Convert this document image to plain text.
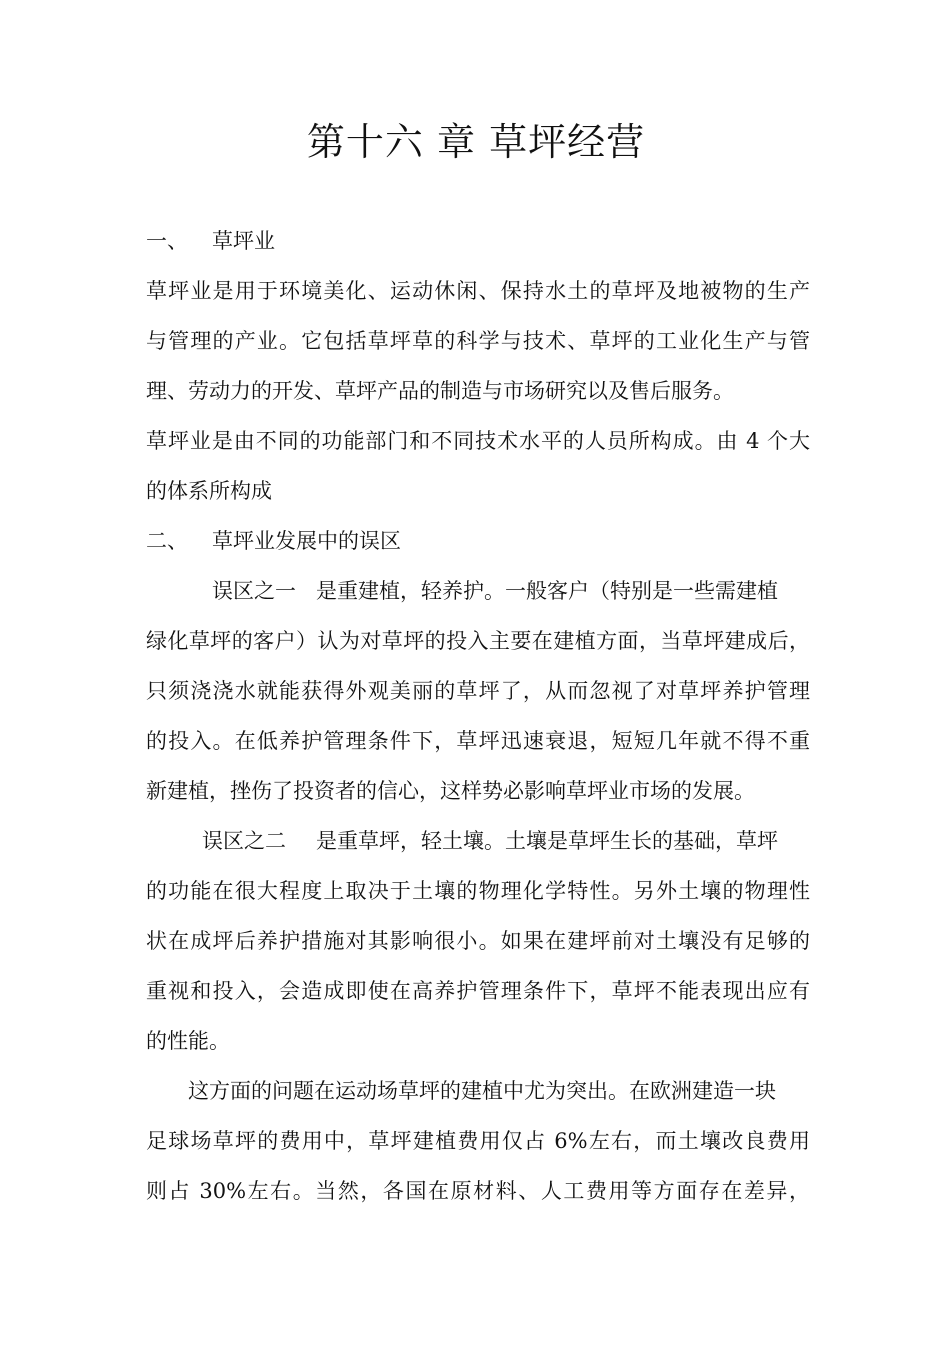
第十六 章 草坪经营
一、 草坪业
草坪业是用于环境美化、运动休闲、保持水土的草坪及地被物的生产
与管理的产业。它包括草坪草的科学与技术、草坪的工业化生产与管
理、劳动力的开发、草坪产品的制造与市场研究以及售后服务。
草坪业是由不同的功能部门和不同技术水平的人员所构成。由 4 个大
的体系所构成
二、 草坪业发展中的误区
误区之一 是重建植，轻养护。一般客户（特别是一些需建植
绿化草坪的客户）认为对草坪的投入主要在建植方面，当草坪建成后，
只须浇浇水就能获得外观美丽的草坪了，从而忽视了对草坪养护管理
的投入。在低养护管理条件下，草坪迅速衰退，短短几年就不得不重
新建植，挫伤了投资者的信心，这样势必影响草坪业市场的发展。
误区之二 是重草坪，轻土壤。土壤是草坪生长的基础，草坪
的功能在很大程度上取决于土壤的物理化学特性。另外土壤的物理性
状在成坪后养护措施对其影响很小。如果在建坪前对土壤没有足够的
重视和投入，会造成即使在高养护管理条件下，草坪不能表现出应有
的性能。
这方面的问题在运动场草坪的建植中尤为突出。在欧洲建造一块
足球场草坪的费用中，草坪建植费用仅占 6%左右，而土壤改良费用
则占 30%左右。当然，各国在原材料、人工费用等方面存在差异，
